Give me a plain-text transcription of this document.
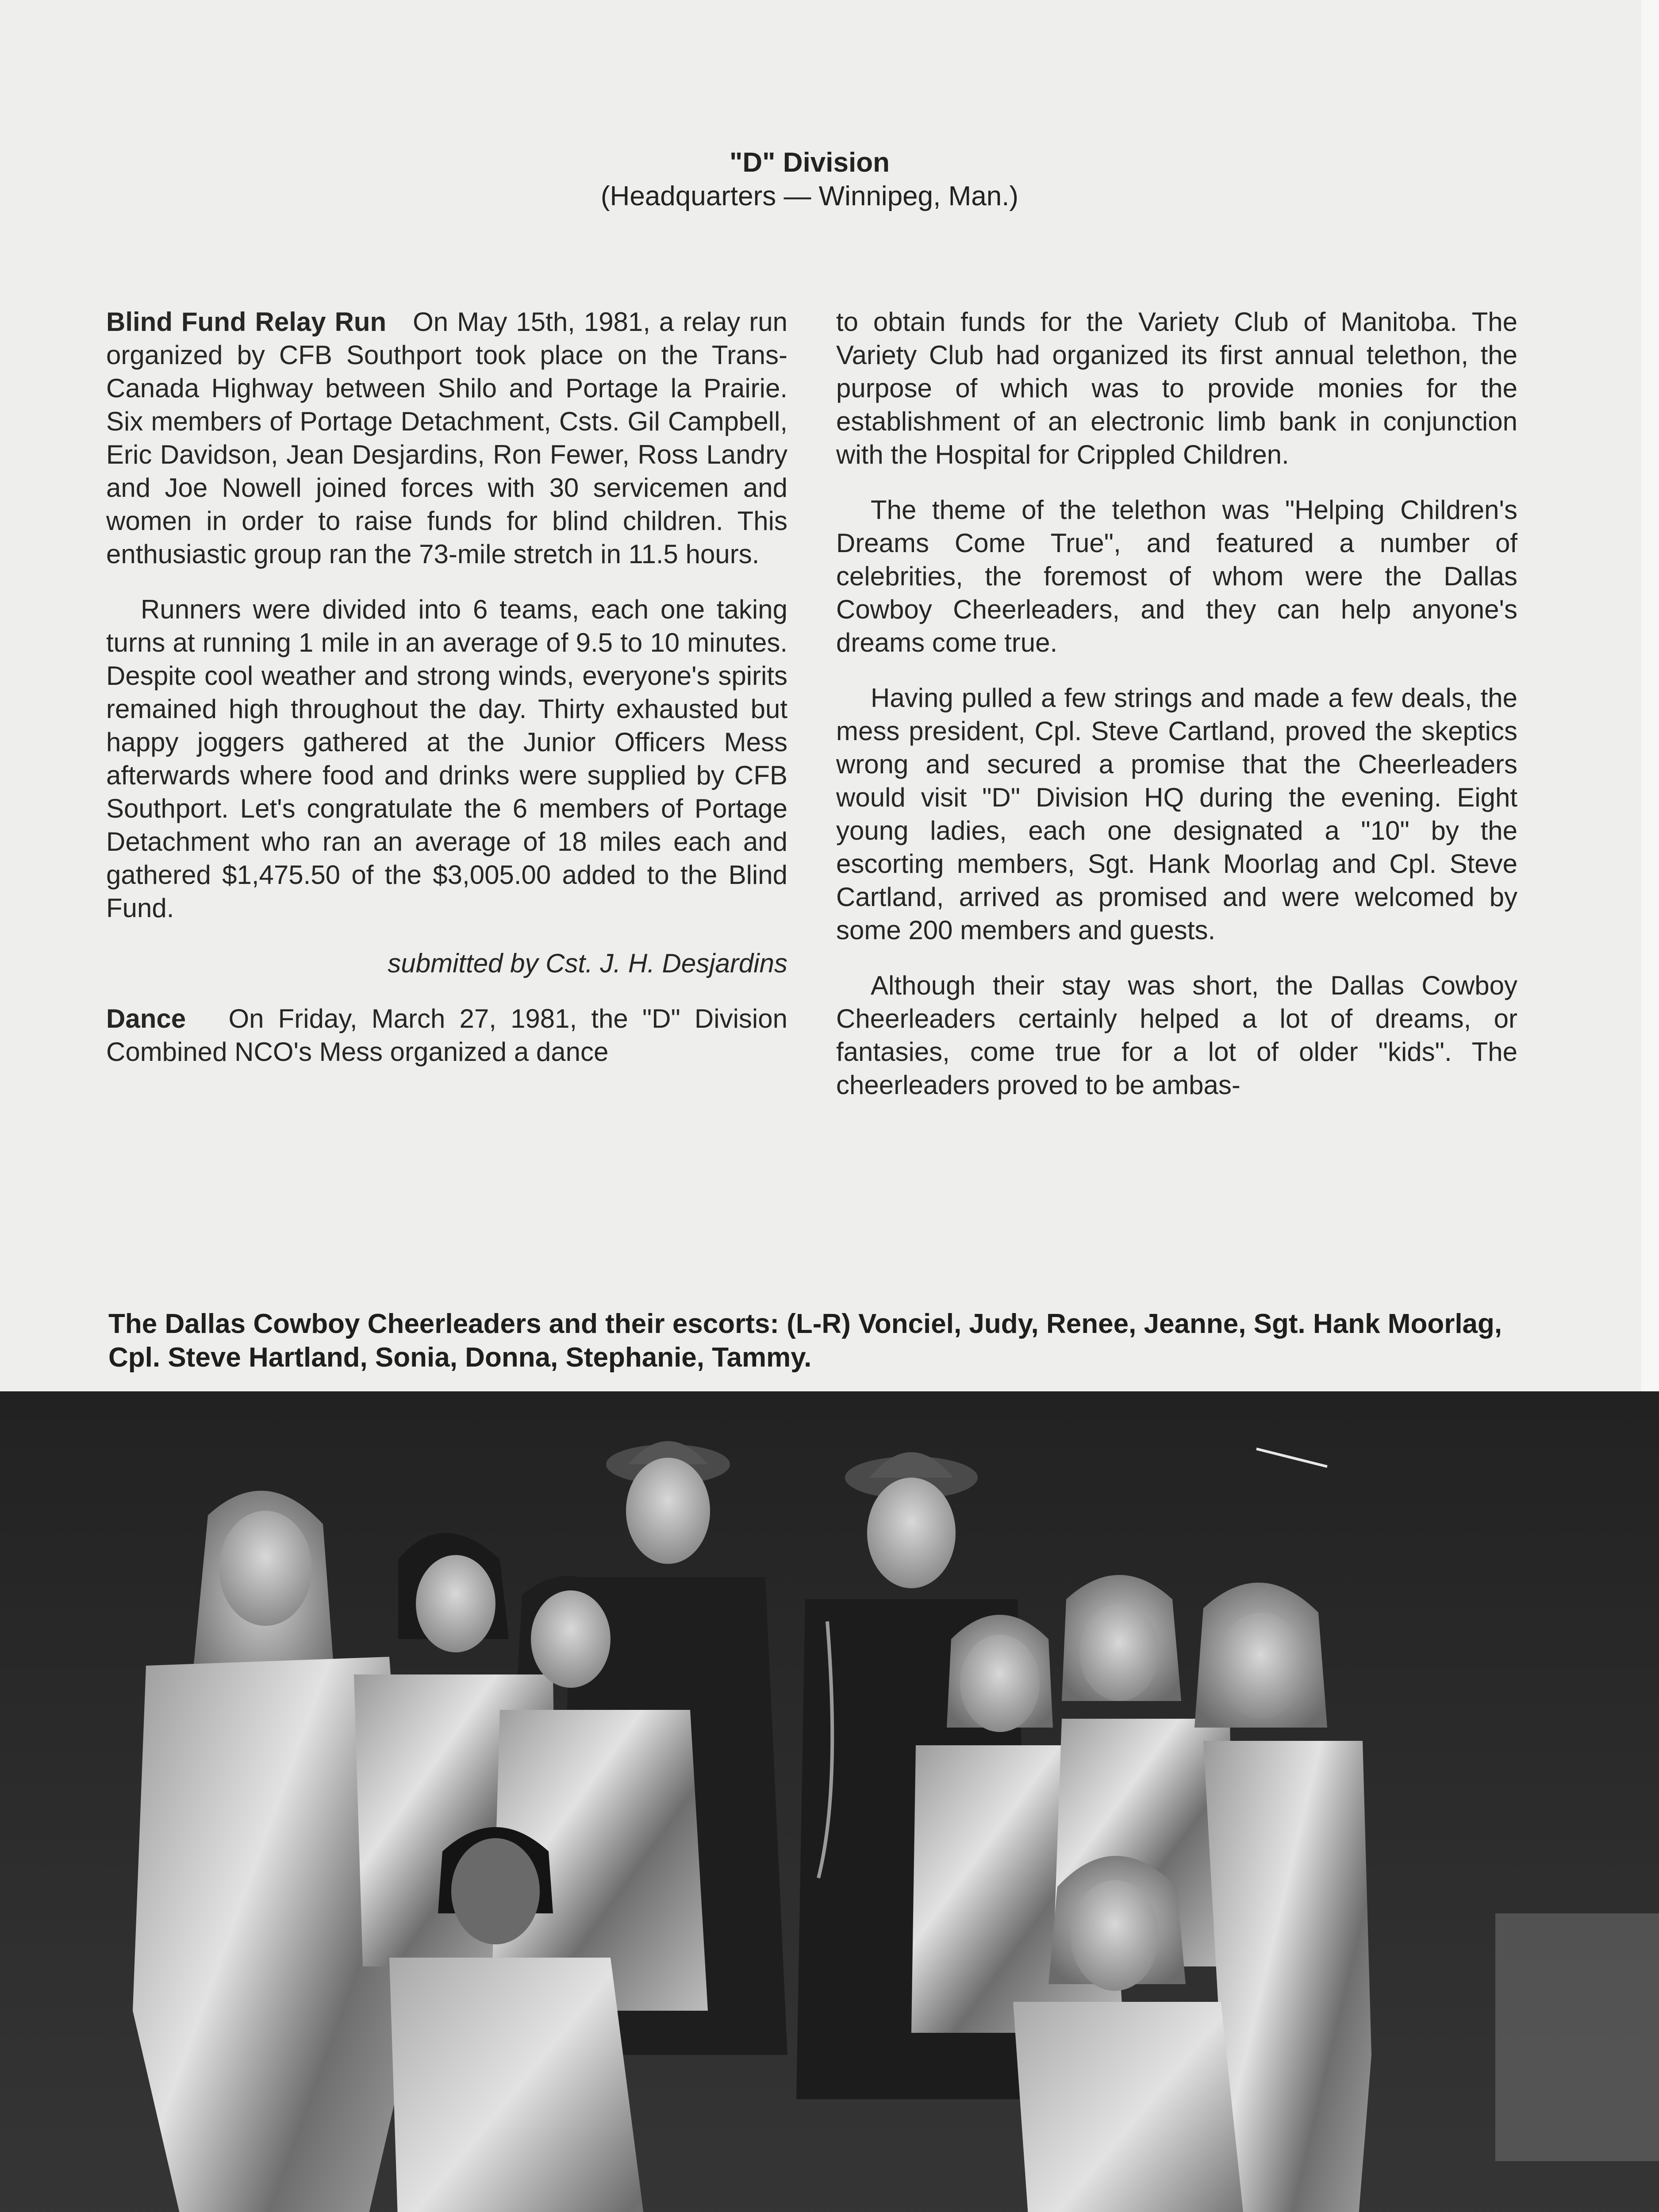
"D" Division
(Headquarters — Winnipeg, Man.)

Blind Fund Relay Run On May 15th, 1981, a relay run organized by CFB Southport took place on the Trans-Canada Highway between Shilo and Portage la Prairie. Six members of Portage Detachment, Csts. Gil Campbell, Eric Davidson, Jean Desjardins, Ron Fewer, Ross Landry and Joe Nowell joined forces with 30 servicemen and women in order to raise funds for blind children. This enthusiastic group ran the 73-mile stretch in 11.5 hours.

Runners were divided into 6 teams, each one taking turns at running 1 mile in an average of 9.5 to 10 minutes. Despite cool weather and strong winds, everyone's spirits remained high throughout the day. Thirty exhausted but happy joggers gathered at the Junior Officers Mess afterwards where food and drinks were supplied by CFB Southport. Let's congratulate the 6 members of Portage Detachment who ran an average of 18 miles each and gathered $1,475.50 of the $3,005.00 added to the Blind Fund.

submitted by Cst. J. H. Desjardins

Dance On Friday, March 27, 1981, the "D" Division Combined NCO's Mess organized a dance

to obtain funds for the Variety Club of Manitoba. The Variety Club had organized its first annual telethon, the purpose of which was to provide monies for the establishment of an electronic limb bank in conjunction with the Hospital for Crippled Children.

The theme of the telethon was "Helping Children's Dreams Come True", and featured a number of celebrities, the foremost of whom were the Dallas Cowboy Cheerleaders, and they can help anyone's dreams come true.

Having pulled a few strings and made a few deals, the mess president, Cpl. Steve Cartland, proved the skeptics wrong and secured a promise that the Cheerleaders would visit "D" Division HQ during the evening. Eight young ladies, each one designated a "10" by the escorting members, Sgt. Hank Moorlag and Cpl. Steve Cartland, arrived as promised and were welcomed by some 200 members and guests.

Although their stay was short, the Dallas Cowboy Cheerleaders certainly helped a lot of dreams, or fantasies, come true for a lot of older "kids". The cheerleaders proved to be ambas-

The Dallas Cowboy Cheerleaders and their escorts: (L-R) Vonciel, Judy, Renee, Jeanne, Sgt. Hank Moorlag, Cpl. Steve Hartland, Sonia, Donna, Stephanie, Tammy.
